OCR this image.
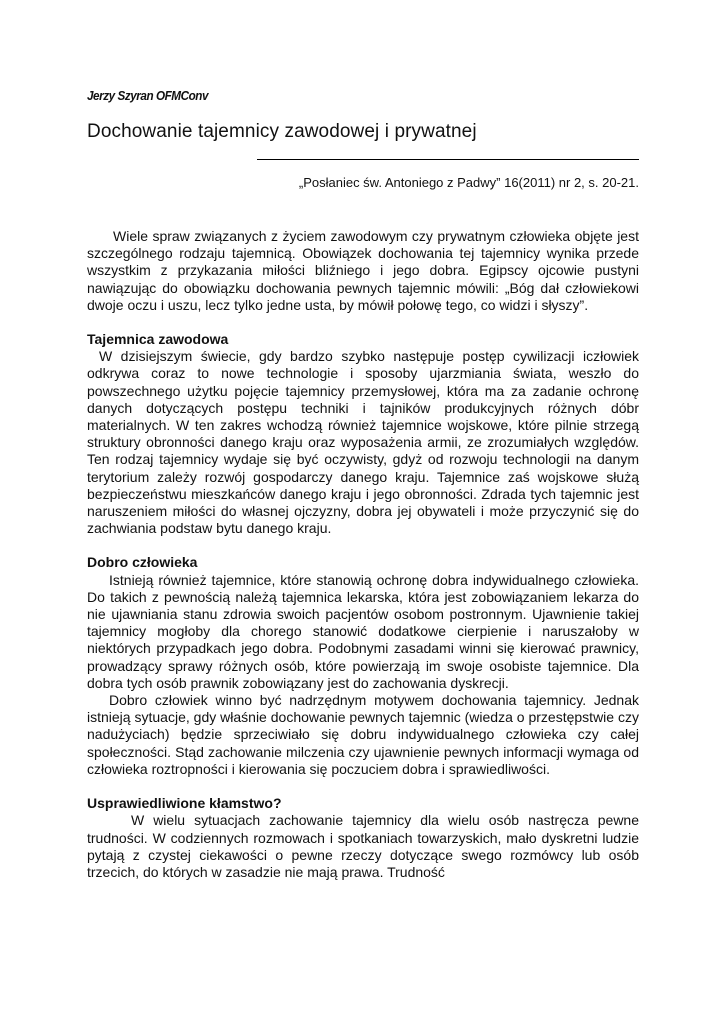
Jerzy Szyran OFMConv
Dochowanie tajemnicy zawodowej i prywatnej
„Posłaniec św. Antoniego z Padwy” 16(2011) nr 2, s. 20-21.

Wiele spraw związanych z życiem zawodowym czy prywatnym człowieka objęte jest szczególnego rodzaju tajemnicą. Obowiązek dochowania tej tajemnicy wynika przede wszystkim z przykazania miłości bliźniego i jego dobra. Egipscy ojcowie pustyni nawiązując do obowiązku dochowania pewnych tajemnic mówili: „Bóg dał człowiekowi dwoje oczu i uszu, lecz tylko jedne usta, by mówił połowę tego, co widzi i słyszy”.

Tajemnica zawodowa

W dzisiejszym świecie, gdy bardzo szybko następuje postęp cywilizacji iczłowiek odkrywa coraz to nowe technologie i sposoby ujarzmiania świata, weszło do powszechnego użytku pojęcie tajemnicy przemysłowej, która ma za zadanie ochronę danych dotyczących postępu techniki i tajników produkcyjnych różnych dóbr materialnych. W ten zakres wchodzą również tajemnice wojskowe, które pilnie strzegą struktury obronności danego kraju oraz wyposażenia armii, ze zrozumiałych względów. Ten rodzaj tajemnicy wydaje się być oczywisty, gdyż od rozwoju technologii na danym terytorium zależy rozwój gospodarczy danego kraju. Tajemnice zaś wojskowe służą bezpieczeństwu mieszkańców danego kraju i jego obronności. Zdrada tych tajemnic jest naruszeniem miłości do własnej ojczyzny, dobra jej obywateli i może przyczynić się do zachwiania podstaw bytu danego kraju.

Dobro człowieka

Istnieją również tajemnice, które stanowią ochronę dobra indywidualnego człowieka. Do takich z pewnością należą tajemnica lekarska, która jest zobowiązaniem lekarza do nie ujawniania stanu zdrowia swoich pacjentów osobom postronnym. Ujawnienie takiej tajemnicy mogłoby dla chorego stanowić dodatkowe cierpienie i naruszałoby w niektórych przypadkach jego dobra. Podobnymi zasadami winni się kierować prawnicy, prowadzący sprawy różnych osób, które powierzają im swoje osobiste tajemnice. Dla dobra tych osób prawnik zobowiązany jest do zachowania dyskrecji.

Dobro człowiek winno być nadrzędnym motywem dochowania tajemnicy. Jednak istnieją sytuacje, gdy właśnie dochowanie pewnych tajemnic (wiedza o przestępstwie czy nadużyciach) będzie sprzeciwiało się dobru indywidualnego człowieka czy całej społeczności. Stąd zachowanie milczenia czy ujawnienie pewnych informacji wymaga od człowieka roztropności i kierowania się poczuciem dobra i sprawiedliwości.

Usprawiedliwione kłamstwo?

W wielu sytuacjach zachowanie tajemnicy dla wielu osób nastręcza pewne trudności. W codziennych rozmowach i spotkaniach towarzyskich, mało dyskretni ludzie pytają z czystej ciekawości o pewne rzeczy dotyczące swego rozmówcy lub osób trzecich, do których w zasadzie nie mają prawa. Trudność
